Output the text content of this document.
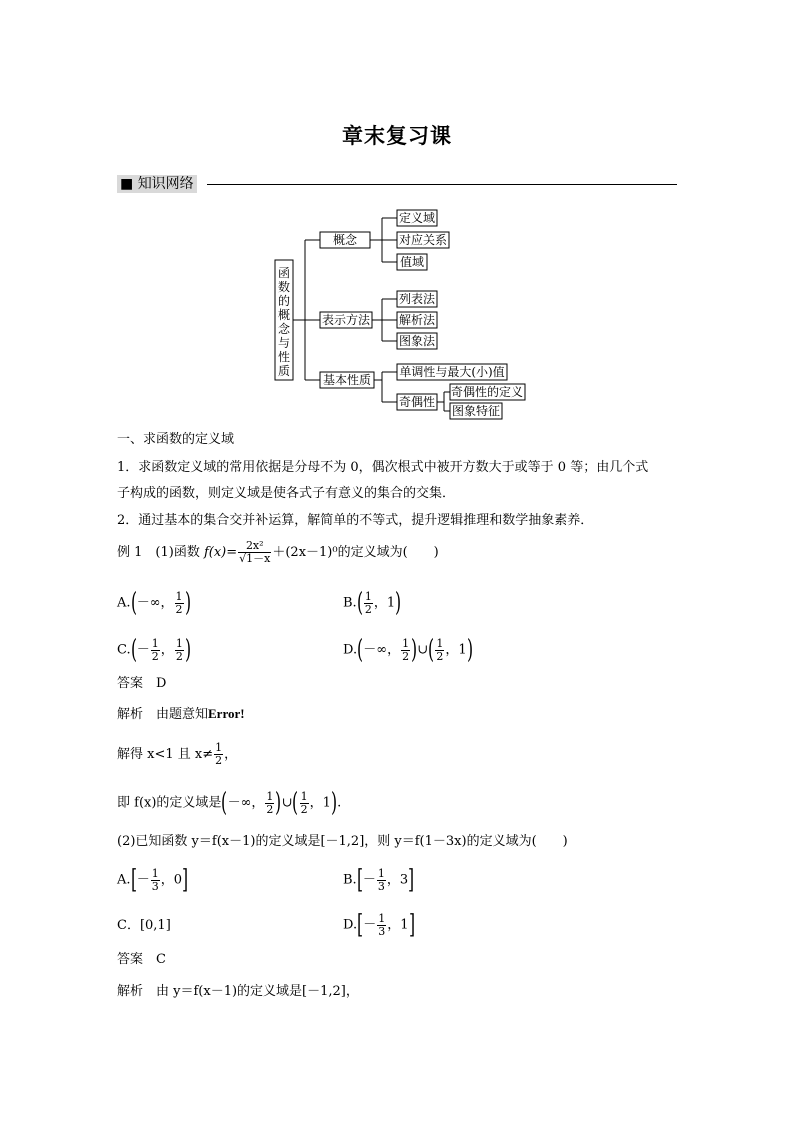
章末复习课
■ 知识网络
函
数
的
概
念
与
性
质
概念
定义域
对应关系
值域
表示方法
列表法
解析法
图象法
基本性质
单调性与最大(小)值
奇偶性
奇偶性的定义
图象特征
一、求函数的定义域
1．求函数定义域的常用依据是分母不为 0，偶次根式中被开方数大于或等于 0 等；由几个式
子构成的函数，则定义域是使各式子有意义的集合的交集．
2．通过基本的集合交并补运算，解简单的不等式，提升逻辑推理和数学抽象素养．
例 1　(1)函数 $f(x)= \frac{\text{2x²}}{√1-x} +(2x-1)^0$的定义域为(　　)
A.(－∞， $\frac{1}{2}$ )	$B.( \frac{1}{2}$ ，1)
$C.(- \frac{1}{2}$ ， $\frac{1}{2}$ )	D.(－∞， $\frac{1}{2}$ )∪( $\frac{1}{2}$ ，1)
答案　D
解析　由题意知Error!
解得 x<1 且 $x\ne \frac{1}{2}$ ，
即 f(x)的定义域是(－∞， $\frac{1}{2}$ )∪( $\frac{1}{2}$ ，1).
(2)已知函数 y＝f(x－1)的定义域是[－1,2]，则 y＝f(1－3x)的定义域为(　　)
$A.[- \frac{1}{3}$ ，0]	$B.[- \frac{1}{3}$ ，3]
C．[0,1]	$D.[- \frac{1}{3}$ ，1]
答案　C
解析　由 y＝f(x－1)的定义域是[－1,2]，
